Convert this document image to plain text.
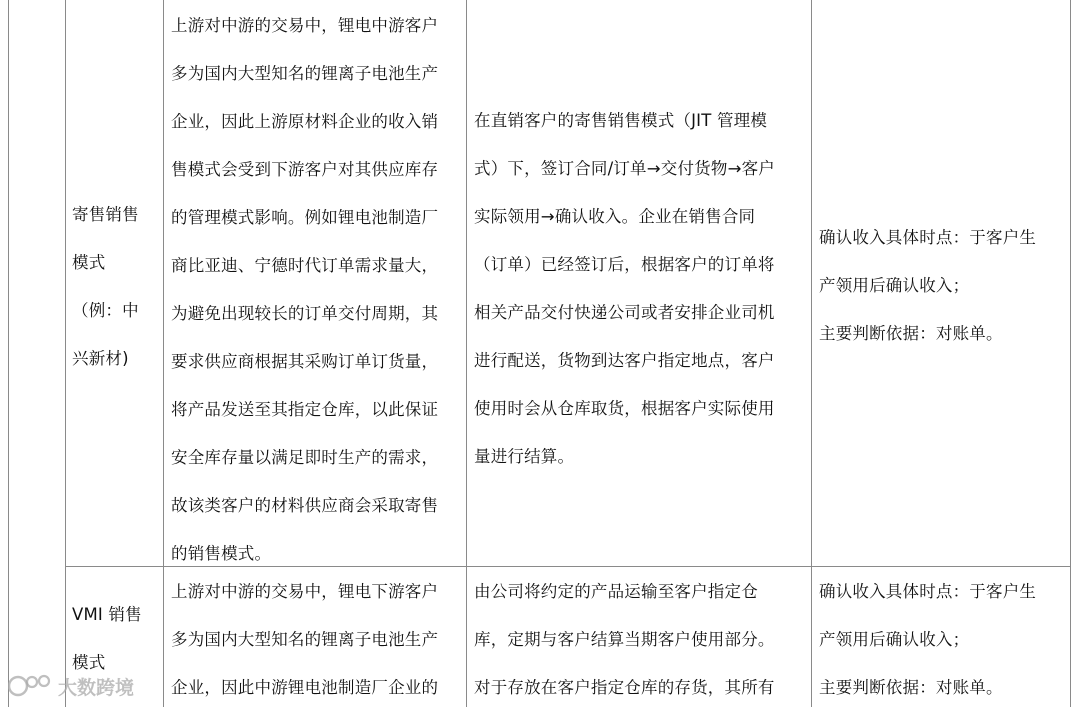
寄售销售
模式
（例：中
兴新材)
上游对中游的交易中，锂电中游客户
多为国内大型知名的锂离子电池生产
企业，因此上游原材料企业的收入销
售模式会受到下游客户对其供应库存
的管理模式影响。例如锂电池制造厂
商比亚迪、宁德时代订单需求量大，
为避免出现较长的订单交付周期，其
要求供应商根据其采购订单订货量，
将产品发送至其指定仓库，以此保证
安全库存量以满足即时生产的需求，
故该类客户的材料供应商会采取寄售
的销售模式。
在直销客户的寄售销售模式（JIT 管理模
式）下，签订合同/订单→交付货物→客户
实际领用→确认收入。企业在销售合同
（订单）已经签订后，根据客户的订单将
相关产品交付快递公司或者安排企业司机
进行配送，货物到达客户指定地点，客户
使用时会从仓库取货，根据客户实际使用
量进行结算。
确认收入具体时点：于客户生
产领用后确认收入；
主要判断依据：对账单。
VMI 销售
模式
上游对中游的交易中，锂电下游客户
多为国内大型知名的锂离子电池生产
企业，因此中游锂电池制造厂企业的
由公司将约定的产品运输至客户指定仓
库，定期与客户结算当期客户使用部分。
对于存放在客户指定仓库的存货，其所有
确认收入具体时点：于客户生
产领用后确认收入；
主要判断依据：对账单。
大数跨境
